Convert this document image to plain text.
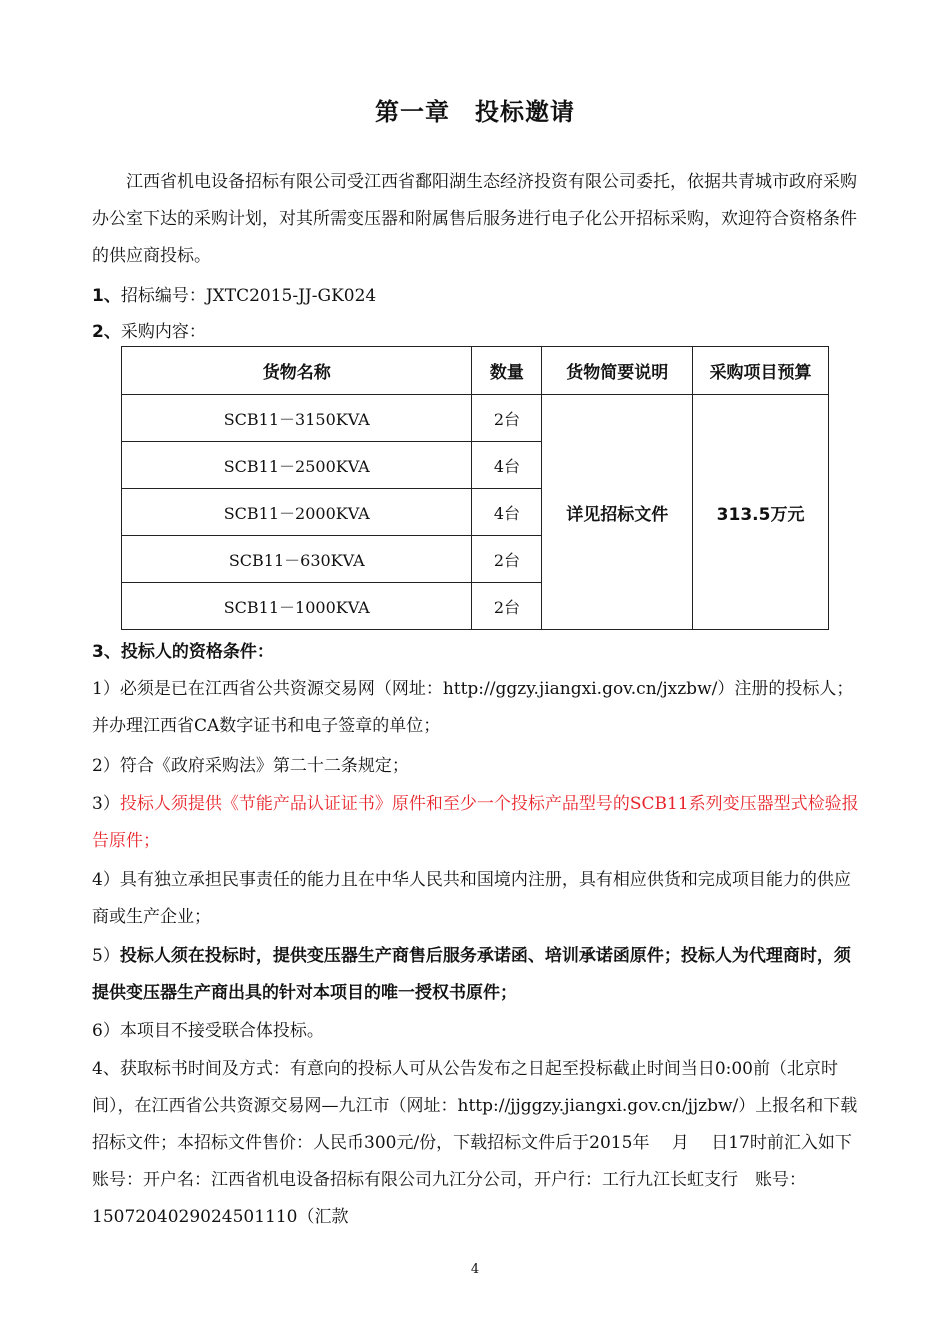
第一章　投标邀请
江西省机电设备招标有限公司受江西省鄱阳湖生态经济投资有限公司委托，依据共青城市政府采购办公室下达的采购计划，对其所需变压器和附属售后服务进行电子化公开招标采购，欢迎符合资格条件的供应商投标。
1、招标编号：JXTC2015-JJ-GK024
2、采购内容：
货物名称	数量	货物简要说明	采购项目预算
SCB11－3150KVA	2台	详见招标文件	313.5万元
SCB11－2500KVA	4台		
SCB11－2000KVA	4台		
SCB11－630KVA	2台		
SCB11－1000KVA	2台		
3、投标人的资格条件：
1）必须是已在江西省公共资源交易网（网址：http://ggzy.jiangxi.gov.cn/jxzbw/）注册的投标人；并办理江西省CA数字证书和电子签章的单位；
2）符合《政府采购法》第二十二条规定；
3）投标人须提供《节能产品认证证书》原件和至少一个投标产品型号的SCB11系列变压器型式检验报告原件；
4）具有独立承担民事责任的能力且在中华人民共和国境内注册，具有相应供货和完成项目能力的供应商或生产企业；
5）投标人须在投标时，提供变压器生产商售后服务承诺函、培训承诺函原件；投标人为代理商时，须提供变压器生产商出具的针对本项目的唯一授权书原件；
6）本项目不接受联合体投标。
4、获取标书时间及方式：有意向的投标人可从公告发布之日起至投标截止时间当日0:00前（北京时间），在江西省公共资源交易网—九江市（网址：http://jjggzy.jiangxi.gov.cn/jjzbw/）上报名和下载招标文件；本招标文件售价：人民币300元/份，下载招标文件后于2015年　 月　 日17时前汇入如下账号：开户名：江西省机电设备招标有限公司九江分公司，开户行：工行九江长虹支行　账号：1507204029024501110（汇款
4
